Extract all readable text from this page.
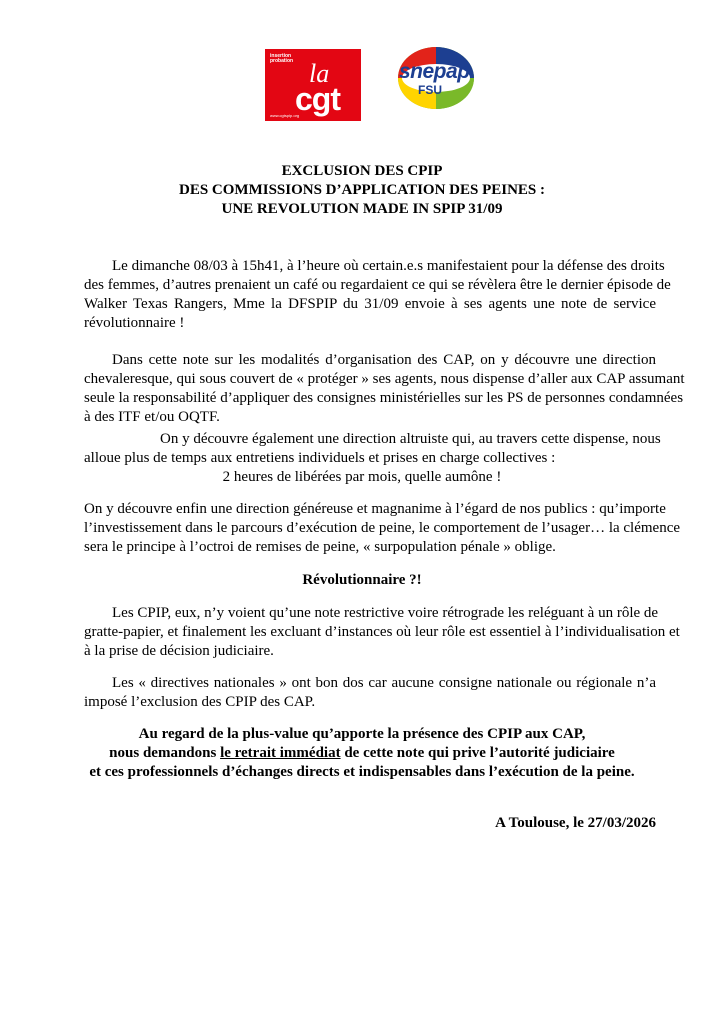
insertion
probation la
cgt
www.cgtspip.org
snepap
FSU
EXCLUSION DES CPIP
DES COMMISSIONS D’APPLICATION DES PEINES :
UNE REVOLUTION MADE IN SPIP 31/09
Le dimanche 08/03 à 15h41, à l’heure où certain.e.s manifestaient pour la défense des droits
des femmes, d’autres prenaient un café ou regardaient ce qui se révèlera être le dernier épisode de
Walker Texas Rangers, Mme la DFSPIP du 31/09 envoie à ses agents une note de service
révolutionnaire !
Dans cette note sur les modalités d’organisation des CAP, on y découvre une direction
chevaleresque, qui sous couvert de « protéger » ses agents, nous dispense d’aller aux CAP assumant
seule la responsabilité d’appliquer des consignes ministérielles sur les PS de personnes condamnées
à des ITF et/ou OQTF.
On y découvre également une direction altruiste qui, au travers cette dispense, nous
alloue plus de temps aux entretiens individuels et prises en charge collectives :
2 heures de libérées par mois, quelle aumône !
On y découvre enfin une direction généreuse et magnanime à l’égard de nos publics : qu’importe
l’investissement dans le parcours d’exécution de peine, le comportement de l’usager… la clémence
sera le principe à l’octroi de remises de peine, « surpopulation pénale » oblige.
Révolutionnaire ?!
Les CPIP, eux, n’y voient qu’une note restrictive voire rétrograde les reléguant à un rôle de
gratte-papier, et finalement les excluant d’instances où leur rôle est essentiel à l’individualisation et
à la prise de décision judiciaire.
Les « directives nationales » ont bon dos car aucune consigne nationale ou régionale n’a
imposé l’exclusion des CPIP des CAP.
Au regard de la plus-value qu’apporte la présence des CPIP aux CAP,
nous demandons le retrait immédiat de cette note qui prive l’autorité judiciaire
et ces professionnels d’échanges directs et indispensables dans l’exécution de la peine.
A Toulouse, le 27/03/2026
